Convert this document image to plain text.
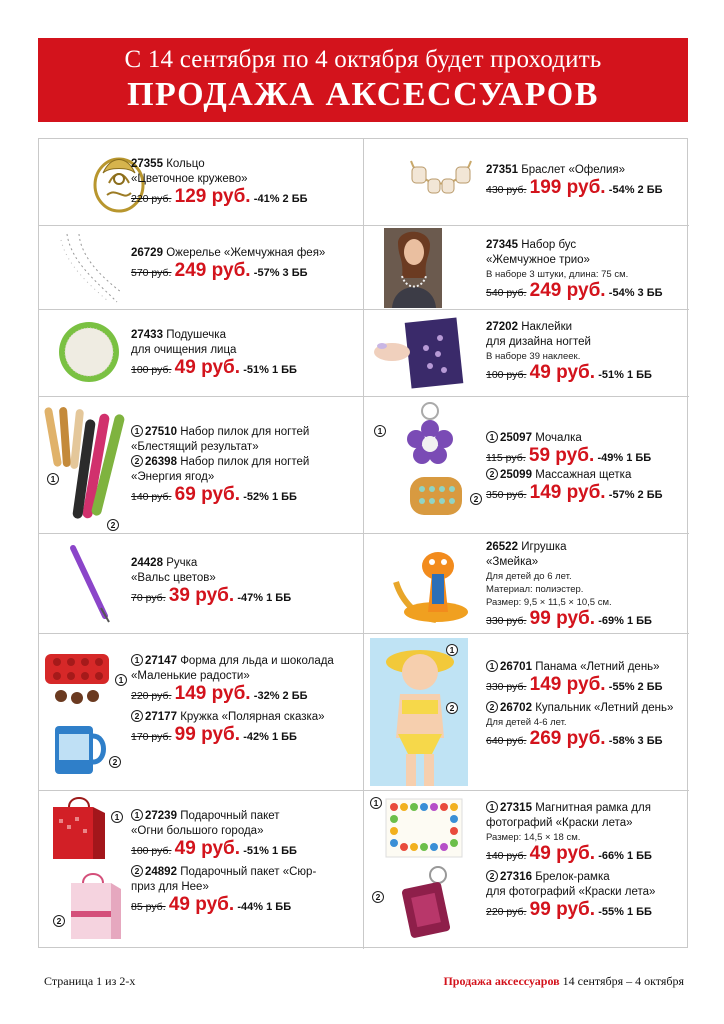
С 14 сентября по 4 октября будет проходить
ПРОДАЖА АКСЕССУАРОВ
27355 Кольцо
«Цветочное кружево»
220 руб. 129 руб. -41% 2 ББ
27351 Браслет «Офелия»
430 руб. 199 руб. -54% 2 ББ
26729 Ожерелье «Жемчужная фея»
570 руб. 249 руб. -57% 3 ББ
27345 Набор бус
«Жемчужное трио»
В наборе 3 штуки, длина: 75 см.
540 руб. 249 руб. -54% 3 ББ
27433 Подушечка
для очищения лица
100 руб. 49 руб. -51% 1 ББ
27202 Наклейки
для дизайна ногтей
В наборе 39 наклеек.
100 руб. 49 руб. -51% 1 ББ
1
2
1 27510 Набор пилок для ногтей
«Блестящий результат»
2 26398 Набор пилок для ногтей
«Энергия ягод»
140 руб. 69 руб. -52% 1 ББ
1
2
1 25097 Мочалка
115 руб. 59 руб. -49% 1 ББ
2 25099 Массажная щетка
350 руб. 149 руб. -57% 2 ББ
24428 Ручка
«Вальс цветов»
70 руб. 39 руб. -47% 1 ББ
26522 Игрушка
«Змейка»
Для детей до 6 лет.
Материал: полиэстер.
Размер: 9,5 × 11,5 × 10,5 см.
330 руб. 99 руб. -69% 1 ББ
1
2
1 27147 Форма для льда и шоколада
«Маленькие радости»
220 руб. 149 руб. -32% 2 ББ
2 27177 Кружка «Полярная сказка»
170 руб. 99 руб. -42% 1 ББ
1
2
1 26701 Панама «Летний день»
330 руб. 149 руб. -55% 2 ББ
2 26702 Купальник «Летний день»
Для детей 4-6 лет.
640 руб. 269 руб. -58% 3 ББ
1
2
1 27239 Подарочный пакет
«Огни большого города»
100 руб. 49 руб. -51% 1 ББ
2 24892 Подарочный пакет «Сюр-
приз для Нее»
85 руб. 49 руб. -44% 1 ББ
1
2
1 27315 Магнитная рамка для
фотографий «Краски лета»
Размер: 14,5 × 18 см.
140 руб. 49 руб. -66% 1 ББ
2 27316 Брелок-рамка
для фотографий «Краски лета»
220 руб. 99 руб. -55% 1 ББ
Страница 1 из 2-х	Продажа аксессуаров 14 сентября – 4 октября
